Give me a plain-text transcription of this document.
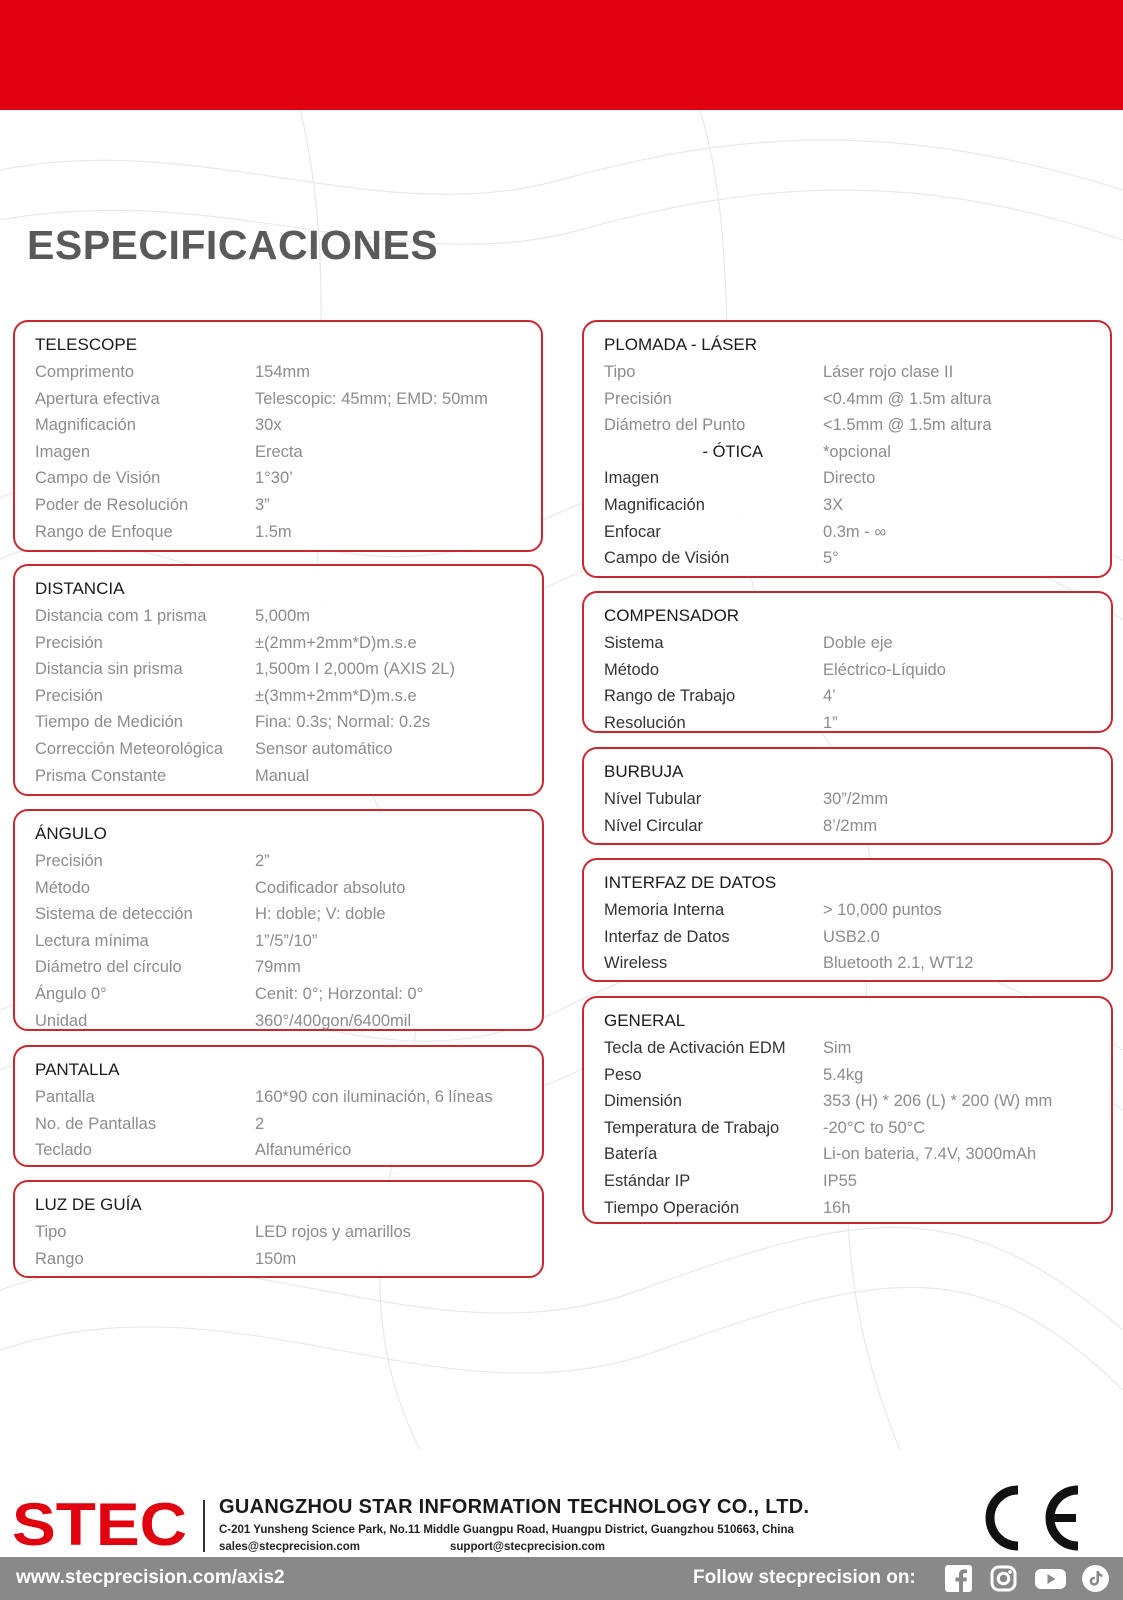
ESPECIFICACIONES
TELESCOPE
Comprimento	154mm
Apertura efectiva	Telescopic: 45mm; EMD: 50mm
Magnificación	30x
Imagen	Erecta
Campo de Visión	1°30’
Poder de Resolución	3”
Rango de Enfoque	1.5m
DISTANCIA
Distancia com 1 prisma	5,000m
Precisión	±(2mm+2mm*D)m.s.e
Distancia sin prisma	1,500m I 2,000m (AXIS 2L)
Precisión	±(3mm+2mm*D)m.s.e
Tiempo de Medición	Fina: 0.3s; Normal: 0.2s
Corrección Meteorológica	Sensor automático
Prisma Constante	Manual
ÁNGULO
Precisión	2”
Método	Codificador absoluto
Sistema de detección	H: doble; V: doble
Lectura mínima	1”/5”/10”
Diámetro del círculo	79mm
Ángulo 0°	Cenit: 0°; Horzontal: 0°
Unidad	360°/400gon/6400mil
PANTALLA
Pantalla	160*90 con iluminación, 6 líneas
No. de Pantallas	2
Teclado	Alfanumérico
LUZ DE GUÍA
Tipo	LED rojos y amarillos
Rango	150m
PLOMADA - LÁSER
Tipo	Láser rojo clase II
Precisión	<0.4mm @ 1.5m altura
Diámetro del Punto	<1.5mm @ 1.5m altura
- ÓTICA	*opcional
Imagen	Directo
Magnificación	3X
Enfocar	0.3m - ∞
Campo de Visión	5°
COMPENSADOR
Sistema	Doble eje
Método	Eléctrico-Líquido
Rango de Trabajo	4’
Resolución	1”
BURBUJA
Nível Tubular	30”/2mm
Nível Circular	8’/2mm
INTERFAZ DE DATOS
Memoria Interna	> 10,000 puntos
Interfaz de Datos	USB2.0
Wireless	Bluetooth 2.1, WT12
GENERAL
Tecla de Activación EDM	Sim
Peso	5.4kg
Dimensión	353 (H) * 206 (L) * 200 (W) mm
Temperatura de Trabajo	-20°C to 50°C
Batería	Li-on bateria, 7.4V, 3000mAh
Estándar IP	IP55
Tiempo Operación	16h
STEC GUANGZHOU STAR INFORMATION TECHNOLOGY CO., LTD.
C-201 Yunsheng Science Park, No.11 Middle Guangpu Road, Huangpu District, Guangzhou 510663, China
sales@stecprecision.com	support@stecprecision.com
www.stecprecision.com/axis2	Follow stecprecision on:
